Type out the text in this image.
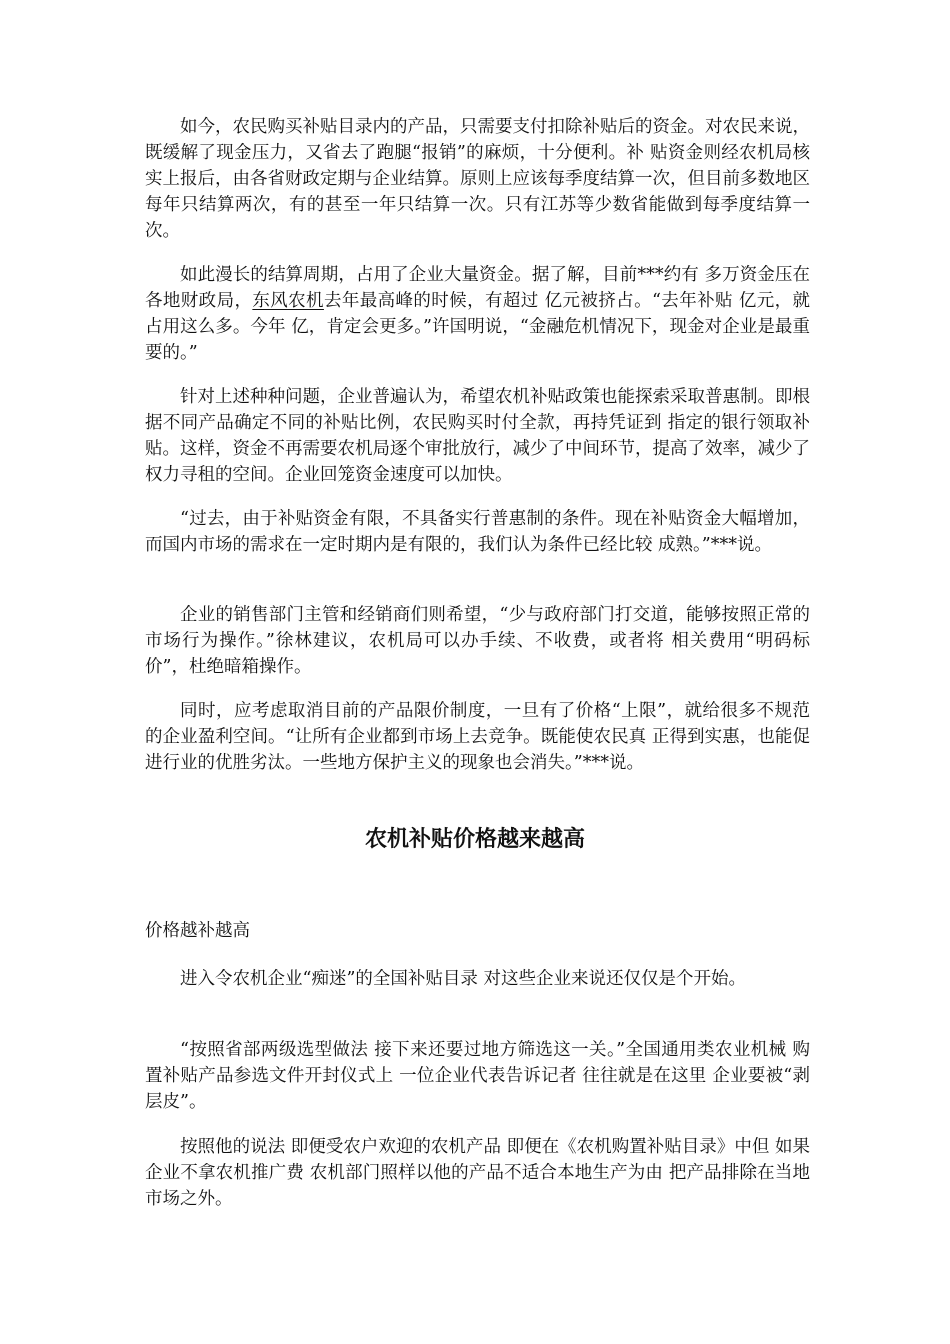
如今，农民购买补贴目录内的产品，只需要支付扣除补贴后的资金。对农民来说，既缓解了现金压力，又省去了跑腿“报销”的麻烦，十分便利。补 贴资金则经农机局核实上报后，由各省财政定期与企业结算。原则上应该每季度结算一次，但目前多数地区每年只结算两次，有的甚至一年只结算一次。只有江苏等少数省能做到每季度结算一次。

如此漫长的结算周期，占用了企业大量资金。据了解，目前***约有 多万资金压在各地财政局，东风农机去年最高峰的时候，有超过 亿元被挤占。“去年补贴 亿元，就占用这么多。今年 亿，肯定会更多。”许国明说，“金融危机情况下，现金对企业是最重要的。”

针对上述种种问题，企业普遍认为，希望农机补贴政策也能探索采取普惠制。即根据不同产品确定不同的补贴比例，农民购买时付全款，再持凭证到 指定的银行领取补贴。这样，资金不再需要农机局逐个审批放行，减少了中间环节，提高了效率，减少了权力寻租的空间。企业回笼资金速度可以加快。

“过去，由于补贴资金有限，不具备实行普惠制的条件。现在补贴资金大幅增加，而国内市场的需求在一定时期内是有限的，我们认为条件已经比较 成熟。”***说。

企业的销售部门主管和经销商们则希望，“少与政府部门打交道，能够按照正常的市场行为操作。”徐林建议，农机局可以办手续、不收费，或者将 相关费用“明码标价”，杜绝暗箱操作。

同时，应考虑取消目前的产品限价制度，一旦有了价格“上限”，就给很多不规范的企业盈利空间。“让所有企业都到市场上去竞争。既能使农民真 正得到实惠，也能促进行业的优胜劣汰。一些地方保护主义的现象也会消失。”***说。

农机补贴价格越来越高

价格越补越高

进入令农机企业“痴迷”的全国补贴目录 对这些企业来说还仅仅是个开始。

“按照省部两级选型做法 接下来还要过地方筛选这一关。”全国通用类农业机械 购置补贴产品参选文件开封仪式上 一位企业代表告诉记者 往往就是在这里 企业要被“剥层皮”。

按照他的说法 即便受农户欢迎的农机产品 即便在《农机购置补贴目录》中但 如果企业不拿农机推广费 农机部门照样以他的产品不适合本地生产为由 把产品排除在当地市场之外。
